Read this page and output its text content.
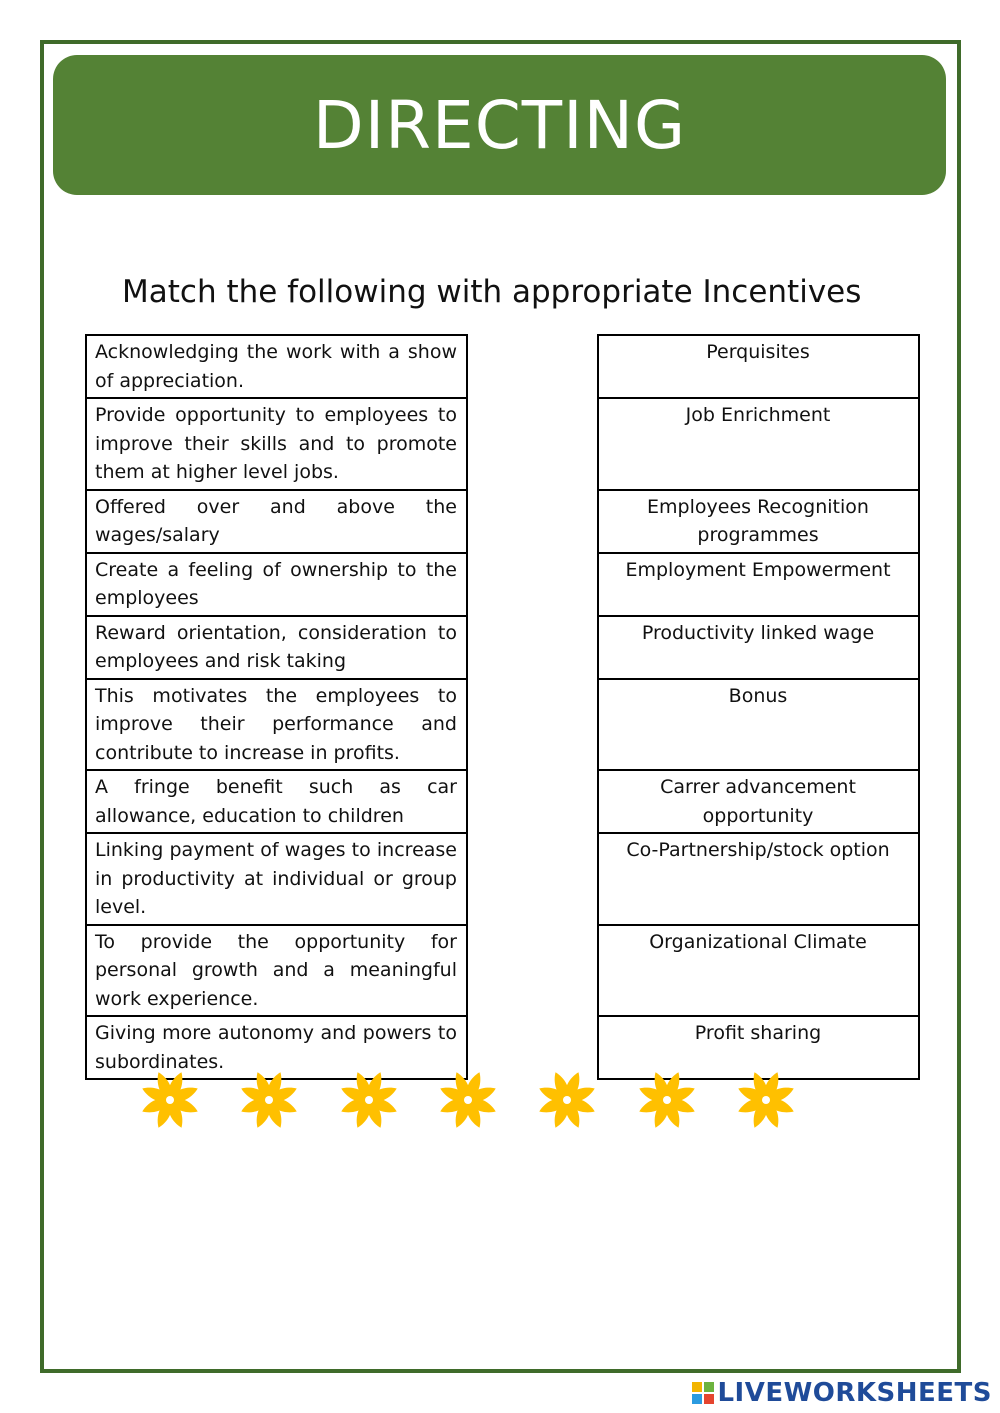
DIRECTING
Match the following with appropriate Incentives
Acknowledging the work with a show of appreciation.		Perquisites
Provide opportunity to employees to improve their skills and to promote them at higher level jobs.		Job Enrichment
Offered over and above the wages/salary		Employees Recognition programmes
Create a feeling of ownership to the employees		Employment Empowerment
Reward orientation, consideration to employees and risk taking		Productivity linked wage
This motivates the employees to improve their performance and contribute to increase in profits.		Bonus
A fringe benefit such as car allowance, education to children		Carrer advancement opportunity
Linking payment of wages to increase in productivity at individual or group level.		Co-Partnership/stock option
To provide the opportunity for personal growth and a meaningful work experience.		Organizational Climate
Giving more autonomy and powers to subordinates.		Profit sharing
LIVEWORKSHEETS
